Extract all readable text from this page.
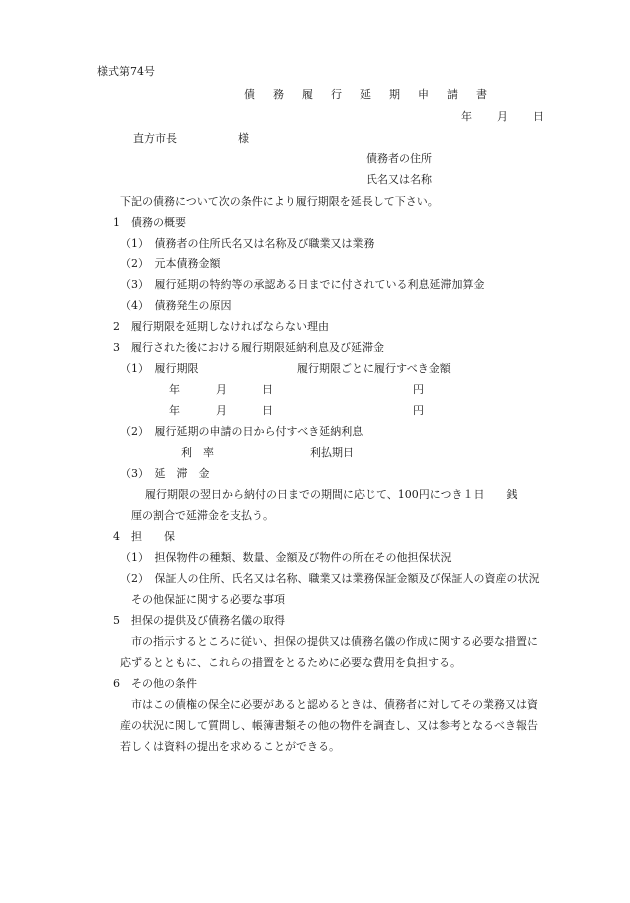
様式第74号
債 務 履 行 延 期 申 請 書
年 月 日
直方市長	様
債務者の住所
氏名又は名称
下記の債務について次の条件により履行期限を延長して下さい。
1　債務の概要
（1）　債務者の住所氏名又は名称及び職業又は業務
（2）　元本債務金額
（3）　履行延期の特約等の承認ある日までに付されている利息延滞加算金
（4）　債務発生の原因
2　履行期限を延期しなければならない理由
3　履行された後における履行期限延納利息及び延滞金
（1）　履行期限	履行期限ごとに履行すべき金額
年	月	日	円
年	月	日	円
（2）　履行延期の申請の日から付すべき延納利息
利　率	利払期日
（3）　延　滞　金
履行期限の翌日から納付の日までの期間に応じて、100円につき１日　　銭
厘の割合で延滞金を支払う。
4　担　　保
（1）　担保物件の種類、数量、金額及び物件の所在その他担保状況
（2）　保証人の住所、氏名又は名称、職業又は業務保証金額及び保証人の資産の状況
その他保証に関する必要な事項
5　担保の提供及び債務名儀の取得
市の指示するところに従い、担保の提供又は債務名儀の作成に関する必要な措置に
応ずるとともに、これらの措置をとるために必要な費用を負担する。
6　その他の条件
市はこの債権の保全に必要があると認めるときは、債務者に対してその業務又は資
産の状況に関して質問し、帳簿書類その他の物件を調査し、又は参考となるべき報告
若しくは資料の提出を求めることができる。
